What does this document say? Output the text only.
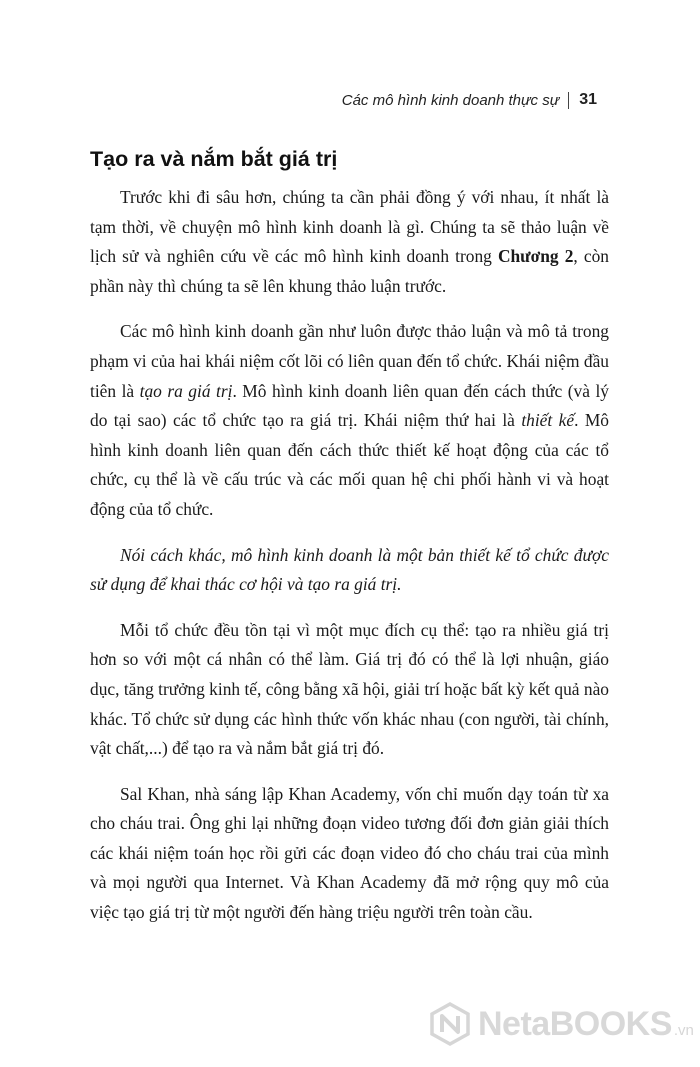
Các mô hình kinh doanh thực sự 31
Tạo ra và nắm bắt giá trị

Trước khi đi sâu hơn, chúng ta cần phải đồng ý với nhau, ít nhất là tạm thời, về chuyện mô hình kinh doanh là gì. Chúng ta sẽ thảo luận về lịch sử và nghiên cứu về các mô hình kinh doanh trong Chương 2, còn phần này thì chúng ta sẽ lên khung thảo luận trước.

Các mô hình kinh doanh gần như luôn được thảo luận và mô tả trong phạm vi của hai khái niệm cốt lõi có liên quan đến tổ chức. Khái niệm đầu tiên là tạo ra giá trị. Mô hình kinh doanh liên quan đến cách thức (và lý do tại sao) các tổ chức tạo ra giá trị. Khái niệm thứ hai là thiết kế. Mô hình kinh doanh liên quan đến cách thức thiết kế hoạt động của các tổ chức, cụ thể là về cấu trúc và các mối quan hệ chi phối hành vi và hoạt động của tổ chức.

Nói cách khác, mô hình kinh doanh là một bản thiết kế tổ chức được sử dụng để khai thác cơ hội và tạo ra giá trị.

Mỗi tổ chức đều tồn tại vì một mục đích cụ thể: tạo ra nhiều giá trị hơn so với một cá nhân có thể làm. Giá trị đó có thể là lợi nhuận, giáo dục, tăng trưởng kinh tế, công bằng xã hội, giải trí hoặc bất kỳ kết quả nào khác. Tổ chức sử dụng các hình thức vốn khác nhau (con người, tài chính, vật chất,...) để tạo ra và nắm bắt giá trị đó.

Sal Khan, nhà sáng lập Khan Academy, vốn chỉ muốn dạy toán từ xa cho cháu trai. Ông ghi lại những đoạn video tương đối đơn giản giải thích các khái niệm toán học rồi gửi các đoạn video đó cho cháu trai của mình và mọi người qua Internet. Và Khan Academy đã mở rộng quy mô của việc tạo giá trị từ một người đến hàng triệu người trên toàn cầu.

NetaBOOKS .vn
